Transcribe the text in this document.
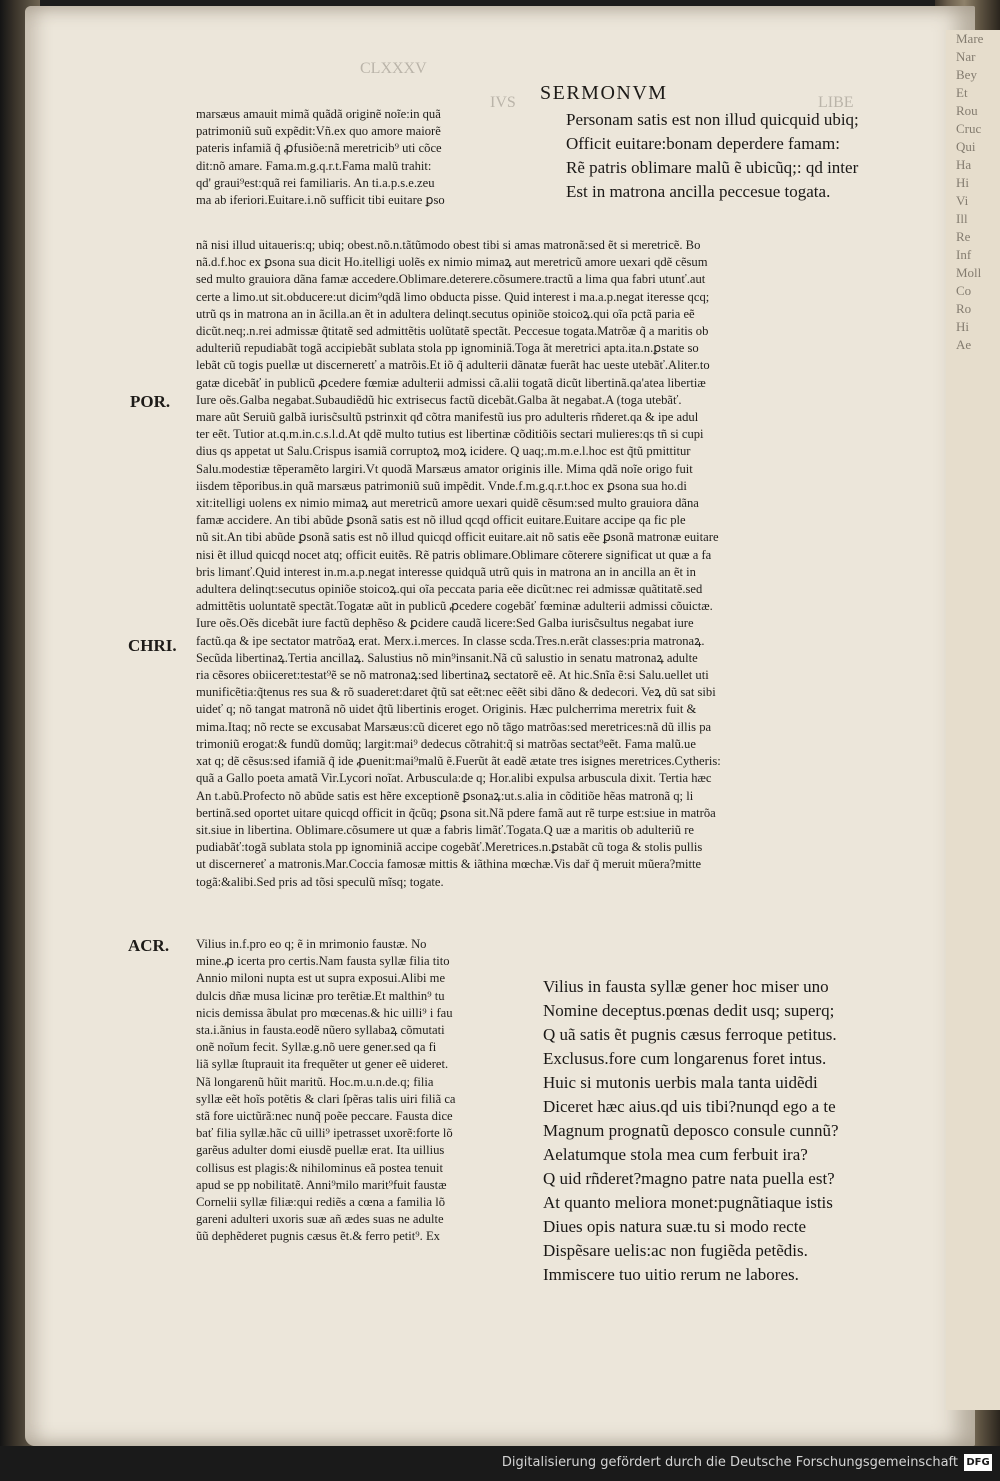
Mare
Nar
Bey
Et
Rou
Cruc
Qui
Ha
Hi
Vi
Ill
Re
Inf
Moll
Co
Ro
Hi
Ae
CLXXXV
LIBE
IVS SERMONVM
marsæus amauit mimã quãdã originẽ noĩe:in quã
patrimoniũ suũ expẽdit:Vñ.ex quo amore maiorẽ
pateris infamiã q̃ ꝓfusiõe:nã meretricib⁹ uti cõce
dit:nõ amare. Fama.m.g.q.r.t.Fama malũ trahit:
qd' graui⁹est:quã rei familiaris. An ti.a.p.s.e.zeu
ma ab iferiori.Euitare.i.nõ sufficit tibi euitare ꝑso
Personam satis est non illud quicquid ubiq;
Officit euitare:bonam deperdere famam:
Rẽ patris oblimare malũ ẽ ubicũq;: qd inter
Est in matrona ancilla peccesue togata.
nã nisi illud uitaueris:q; ubiq; obest.nõ.n.tãtũmodo obest tibi si amas matronã:sed ẽt si meretricẽ. Bo
nã.d.f.hoc ex ꝑsona sua dicit Ho.itelligi uolẽs ex nimio mimaꝝ aut meretricũ amore uexari qdẽ cẽsum
sed multo grauiora dãna famæ accedere.Oblimare.deterere.cõsumere.tractũ a lima qua fabri utunť.aut
certe a limo.ut sit.obducere:ut dicim⁹qdã limo obducta pisse. Quid interest i ma.a.p.negat iteresse qcq;
utrũ qs in matrona an in ãcilla.an ẽt in adultera delinqt.secutus opiniõe stoicoꝝ.qui oĩa pctã paria eẽ
dicũt.neq;.n.rei admissæ q̃titatẽ sed admittẽtis uolũtatẽ spectãt. Peccesue togata.Matrõæ q̃ a maritis ob
adulteriũ repudiabãt togã accipiebãt sublata stola pp ignominiã.Toga ãt meretrici apta.ita.n.ꝑstate so
lebãt cũ togis puellæ ut discerneretť a matrõis.Et iõ q̃ adulterii dãnatæ fuerãt hac ueste utebãť.Aliter.to
gatæ dicebãť in publicũ ꝓcedere fœmiæ adulterii admissi cã.alii togatã dicũt libertinã.qa'atea libertiæ
Iure oẽs.Galba negabat.Subaudiẽdũ hic extrisecus factũ dicebãt.Galba ãt negabat.A (toga utebãť.
mare aũt Seruiũ galbã iurisc̃sultũ pstrinxit qđ cõtra manifestũ ius pro adulteris rñderet.qa & ipe adul
ter eẽt. Tutior at.q.m.in.c.s.l.d.At qdẽ multo tutius est libertinæ cõditiõis sectari mulieres:qs tñ si cupi
dius qs appetat ut Salu.Crispus isamiã corruptoꝝ moꝝ icidere. Q uaq;.m.m.e.l.hoc est q̃tũ pmittitur
Salu.modestiæ tẽperamẽto largiri.Vt quodã Marsæus amator originis ille. Mima qdã noĩe origo fuit
iisdem tẽporibus.in quã marsæus patrimoniũ suũ impẽdit. Vnde.f.m.g.q.r.t.hoc ex ꝑsona sua ho.di
xit:itelligi uolens ex nimio mimaꝝ aut meretricũ amore uexari quidẽ cẽsum:sed multo grauiora dãna
famæ accidere. An tibi abũde ꝑsonã satis est nõ illud qcqd officit euitare.Euitare accipe qa fic ple
nũ sit.An tibi abũde ꝑsonã satis est nõ illud quicqd officit euitare.ait nõ satis eẽe ꝑsonã matronæ euitare
nisi ẽt illud quicqd nocet atq; officit euitẽs. Rẽ patris oblimare.Oblimare cõterere significat ut quæ a fa
bris limanť.Quid interest in.m.a.p.negat interesse quidquã utrũ quis in matrona an in ancilla an ẽt in
adultera delinqt:secutus opiniõe stoicoꝝ.qui oĩa peccata paria eẽe dicũt:nec rei admissæ quãtitatẽ.sed
admittẽtis uoluntatẽ spectãt.Togatæ aũt in publicũ ꝓcedere cogebãť fœminæ adulterii admissi cõuictæ.
Iure oẽs.Oẽs dicebãt iure factũ dephẽso & ꝑcidere caudã licere:Sed Galba iurisc̃sultus negabat iure
factũ.qa & ipe sectator matrõaꝝ erat. Merx.i.merces. In classe scda.Tres.n.erãt classes:pria matronaꝝ.
Secũda libertinaꝝ.Tertia ancillaꝝ. Salustius nõ min⁹insanit.Nã cũ salustio in senatu matronaꝝ adulte
ria cẽsores obiiceret:testat⁹ẽ se nõ matronaꝝ:sed libertinaꝝ sectatorẽ eẽ. At hic.Snĩa ẽ:si Salu.uellet uti
munificẽtia:q̃tenus res sua & rõ suaderet:daret q̃tũ sat eẽt:nec eẽẽt sibi dãno & dedecori. Veꝝ dũ sat sibi
uideť q; nõ tangat matronã nõ uidet q̃tũ libertinis eroget. Originis. Hæc pulcherrima meretrix fuit &
mima.Itaq; nõ recte se excusabat Marsæus:cũ diceret ego nõ tãgo matrõas:sed meretrices:nã dũ illis pa
trimoniũ erogat:& fundũ domũq; largit:mai⁹ dedecus cõtrahit:q̃ si matrõas sectat⁹eẽt. Fama malũ.ue
xat q; dẽ cẽsus:sed ifamiã q̃ ide ꝓuenit:mai⁹malũ ẽ.Fuerũt ãt eadẽ ætate tres isignes meretrices.Cytheris:
quã a Gallo poeta amatã Vir.Lycori noĩat. Arbuscula:de q; Hor.alibi expulsa arbuscula dixit. Tertia hæc
An t.abũ.Profecto nõ abũde satis est hẽre exceptionẽ ꝑsonaꝝ:ut.s.alia in cõditiõe hẽas matronã q; li
bertinã.sed oportet uitare quicqd officit in q̃cũq; ꝑsona sit.Nã pdere famã aut rẽ turpe est:siue in matrõa
sit.siue in libertina. Oblimare.cõsumere ut quæ a fabris limãť.Togata.Q uæ a maritis ob adulteriũ re
pudiabãť:togã sublata stola pp ignominiã accipe cogebãť.Meretrices.n.ꝑstabãt cũ toga & stolis pullis
ut discernereť a matronis.Mar.Coccia famosæ mittis & iãthina mœchæ.Vis dař q̃ meruit mũera?mitte
togã:&alibi.Sed pris ad tõsi speculũ mĩsq; togate.
POR.
CHRI.
ACR. Vilius in.f.pro eo q; ẽ in mrimonio faustæ. No
mine.ꝓ icerta pro certis.Nam fausta syllæ filia tito
Annio miloni nupta est ut supra exposui.Alibi me
dulcis dñæ musa licinæ pro terẽtiæ.Et malthin⁹ tu
nicis demissa ãbulat pro mœcenas.& hic uilli⁹ i fau
sta.i.ãnius in fausta.eodẽ nũero syllabaꝝ cõmutati
onẽ noĩum fecit. Syllæ.g.nõ uere gener.sed qa fi
liã syllæ ſtuprauit ita frequẽter ut gener eẽ uideret.
Nã longarenũ hũit maritũ. Hoc.m.u.n.de.q; filia
syllæ eẽt hoĩs potẽtis & clari ſpẽras talis uiri filiã ca
stã fore uictũrã:nec nunq̃ poẽe peccare. Fausta dice
bať filia syllæ.hãc cũ uilli⁹ ipetrasset uxorẽ:forte lõ
garẽus adulter domi eiusdẽ puellæ erat. Ita uillius
collisus est plagis:& nihilominus eã postea tenuit
apud se pp nobilitatẽ. Anni⁹milo marit⁹fuit faustæ
Cornelii syllæ filiæ:qui rediẽs a cœna a familia lõ
gareni adulteri uxoris suæ añ ædes suas ne adulte
ũũ dephẽderet pugnis cæsus ẽt.& ferro petit⁹. Ex
Vilius in fausta syllæ gener hoc miser uno
Nomine deceptus.pœnas dedit usq; superq;
Q uã satis ẽt pugnis cæsus ferroque petitus.
Exclusus.fore cum longarenus foret intus.
Huic si mutonis uerbis mala tanta uidẽdi
Diceret hæc aius.qd uis tibi?nunqd ego a te
Magnum prognatũ deposco consule cunnũ?
Aelatumque stola mea cum ferbuit ira?
Q uid rñderet?magno patre nata puella est?
At quanto meliora monet:pugnãtiaque istis
Diues opis natura suæ.tu si modo recte
Dispẽsare uelis:ac non fugiẽda petẽdis.
Immiscere tuo uitio rerum ne labores.
Digitalisierung gefördert durch die Deutsche Forschungsgemeinschaft DFG
